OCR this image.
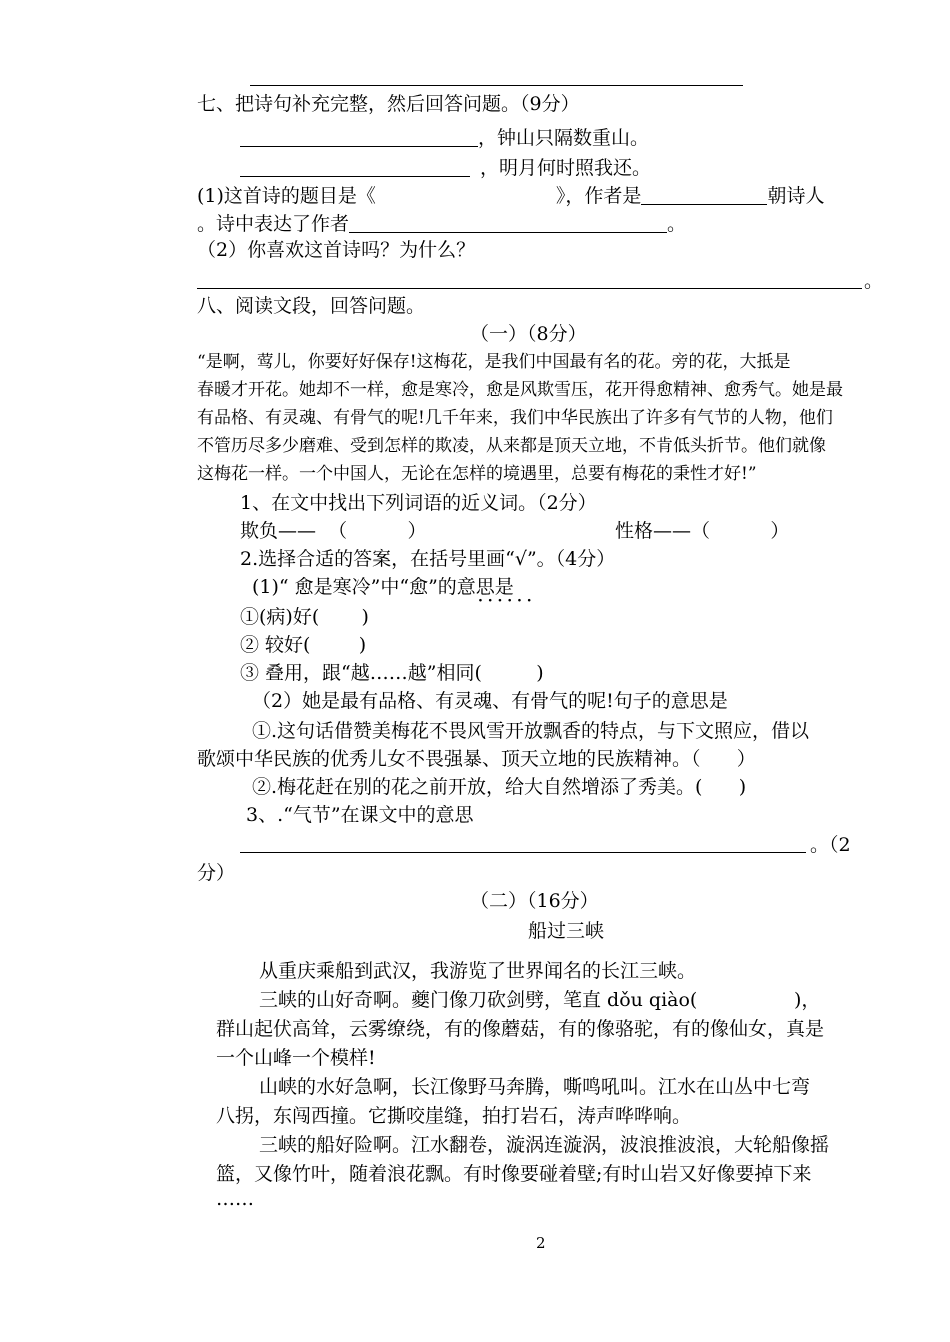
七、把诗句补充完整，然后回答问题。（9分）
，钟山只隔数重山。
，明月何时照我还。
(1)这首诗的题目是《	》，作者是	朝诗人
。诗中表达了作者	。
（2）你喜欢这首诗吗？为什么？
。
八、阅读文段，回答问题。
（一）（8分）
“是啊，莺儿，你要好好保存!这梅花，是我们中国最有名的花。旁的花，大抵是
春暖才开花。她却不一样，愈是寒冷，愈是风欺雪压，花开得愈精神、愈秀气。她是最
有品格、有灵魂、有骨气的呢!几千年来，我们中华民族出了许多有气节的人物，他们
不管历尽多少磨难、受到怎样的欺凌，从来都是顶天立地，不肯低头折节。他们就像
这梅花一样。一个中国人，无论在怎样的境遇里，总要有梅花的秉性才好!”
1、在文中找出下列词语的近义词。（2分）
欺负——  （          ）	性格——（          ）
2.选择合适的答案，在括号里画“√”。（4分）
(1)“ 愈是寒冷”中“愈”的意思是
· · · · · ·
①(病)好(       )
② 较好(        )
③ 叠用，跟“越……越”相同(         )
（2）她是最有品格、有灵魂、有骨气的呢!句子的意思是
①.这句话借赞美梅花不畏风雪开放飘香的特点，与下文照应，借以
歌颂中华民族的优秀儿女不畏强暴、顶天立地的民族精神。（      ）
②.梅花赶在别的花之前开放，给大自然增添了秀美。(      )
3、.“气节”在课文中的意思
。（2
分）
（二）（16分）
船过三峡
从重庆乘船到武汉，我游览了世界闻名的长江三峡。
三峡的山好奇啊。夔门像刀砍剑劈，笔直 dǒu qiào(                )，
群山起伏高耸，云雾缭绕，有的像蘑菇，有的像骆驼，有的像仙女，真是
一个山峰一个模样!
山峡的水好急啊，长江像野马奔腾，嘶鸣吼叫。江水在山丛中七弯
八拐，东闯西撞。它撕咬崖缝，拍打岩石，涛声哗哗响。
三峡的船好险啊。江水翻卷，漩涡连漩涡，波浪推波浪，大轮船像摇
篮，又像竹叶，随着浪花飘。有时像要碰着壁;有时山岩又好像要掉下来
……
2
